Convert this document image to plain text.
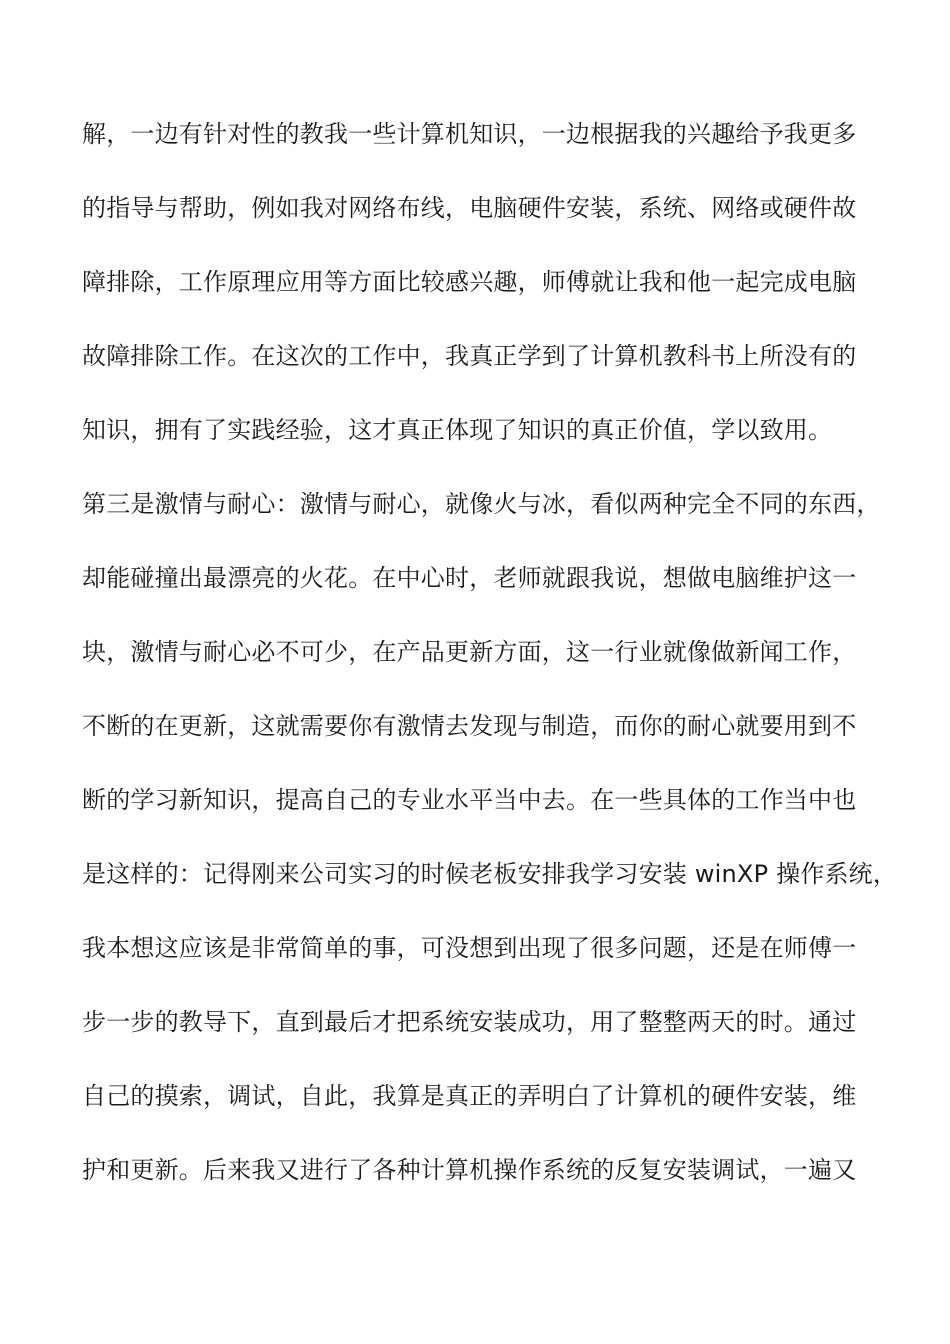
解，一边有针对性的教我一些计算机知识，一边根据我的兴趣给予我更多
的指导与帮助，例如我对网络布线，电脑硬件安装，系统、网络或硬件故
障排除，工作原理应用等方面比较感兴趣，师傅就让我和他一起完成电脑
故障排除工作。在这次的工作中，我真正学到了计算机教科书上所没有的
知识，拥有了实践经验，这才真正体现了知识的真正价值，学以致用。
第三是激情与耐心：激情与耐心，就像火与冰，看似两种完全不同的东西，
却能碰撞出最漂亮的火花。在中心时，老师就跟我说，想做电脑维护这一
块，激情与耐心必不可少，在产品更新方面，这一行业就像做新闻工作，
不断的在更新，这就需要你有激情去发现与制造，而你的耐心就要用到不
断的学习新知识，提高自己的专业水平当中去。在一些具体的工作当中也
是这样的：记得刚来公司实习的时候老板安排我学习安装 winXP 操作系统，
我本想这应该是非常简单的事，可没想到出现了很多问题，还是在师傅一
步一步的教导下，直到最后才把系统安装成功，用了整整两天的时。通过
自己的摸索，调试，自此，我算是真正的弄明白了计算机的硬件安装，维
护和更新。后来我又进行了各种计算机操作系统的反复安装调试，一遍又
